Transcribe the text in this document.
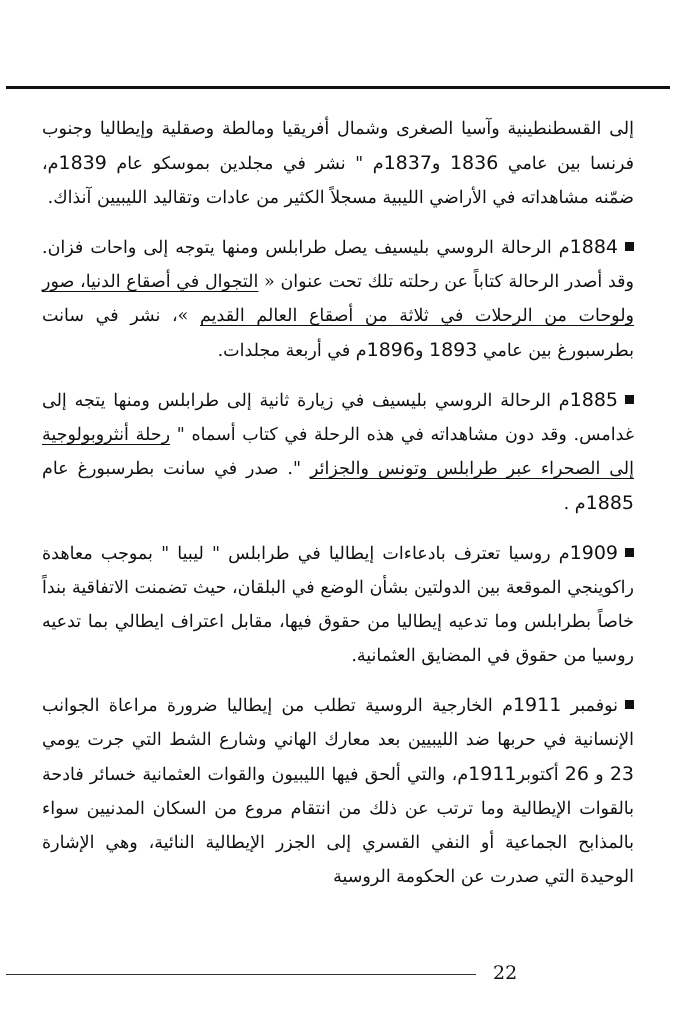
إلى القسطنطينية وآسيا الصغرى وشمال أفريقيا ومالطة وصقلية وإيطاليا وجنوب فرنسا بين عامي 1836 و1837م " نشر في مجلدين بموسكو عام 1839م، ضمّنه مشاهداته في الأراضي الليبية مسجلاً الكثير من عادات وتقاليد الليبيين آنذاك.

1884م الرحالة الروسي بليسيف يصل طرابلس ومنها يتوجه إلى واحات فزان. وقد أصدر الرحالة كتاباً عن رحلته تلك تحت عنوان « التجوال في أصقاع الدنيا، صور ولوحات من الرحلات في ثلاثة من أصقاع العالم القديم »، نشر في سانت بطرسبورغ بين عامي 1893 و1896م في أربعة مجلدات.

1885م الرحالة الروسي بليسيف في زيارة ثانية إلى طرابلس ومنها يتجه إلى غدامس. وقد دون مشاهداته في هذه الرحلة في كتاب أسماه " رحلة أنثروبولوجية إلى الصحراء عبر طرابلس وتونس والجزائر ". صدر في سانت بطرسبورغ عام 1885م .

1909م روسيا تعترف بادعاءات إيطاليا في طرابلس " ليبيا " بموجب معاهدة راكوينجي الموقعة بين الدولتين بشأن الوضع في البلقان، حيث تضمنت الاتفاقية بنداً خاصاً بطرابلس وما تدعيه إيطاليا من حقوق فيها، مقابل اعتراف ايطالي بما تدعيه روسيا من حقوق في المضايق العثمانية.

نوفمبر 1911م الخارجية الروسية تطلب من إيطاليا ضرورة مراعاة الجوانب الإنسانية في حربها ضد الليبيين بعد معارك الهاني وشارع الشط التي جرت يومي 23 و 26 أكتوبر1911م، والتي ألحق فيها الليبيون والقوات العثمانية خسائر فادحة بالقوات الإيطالية وما ترتب عن ذلك من انتقام مروع من السكان المدنيين سواء بالمذابح الجماعية أو النفي القسري إلى الجزر الإيطالية النائية، وهي الإشارة الوحيدة التي صدرت عن الحكومة الروسية

22
